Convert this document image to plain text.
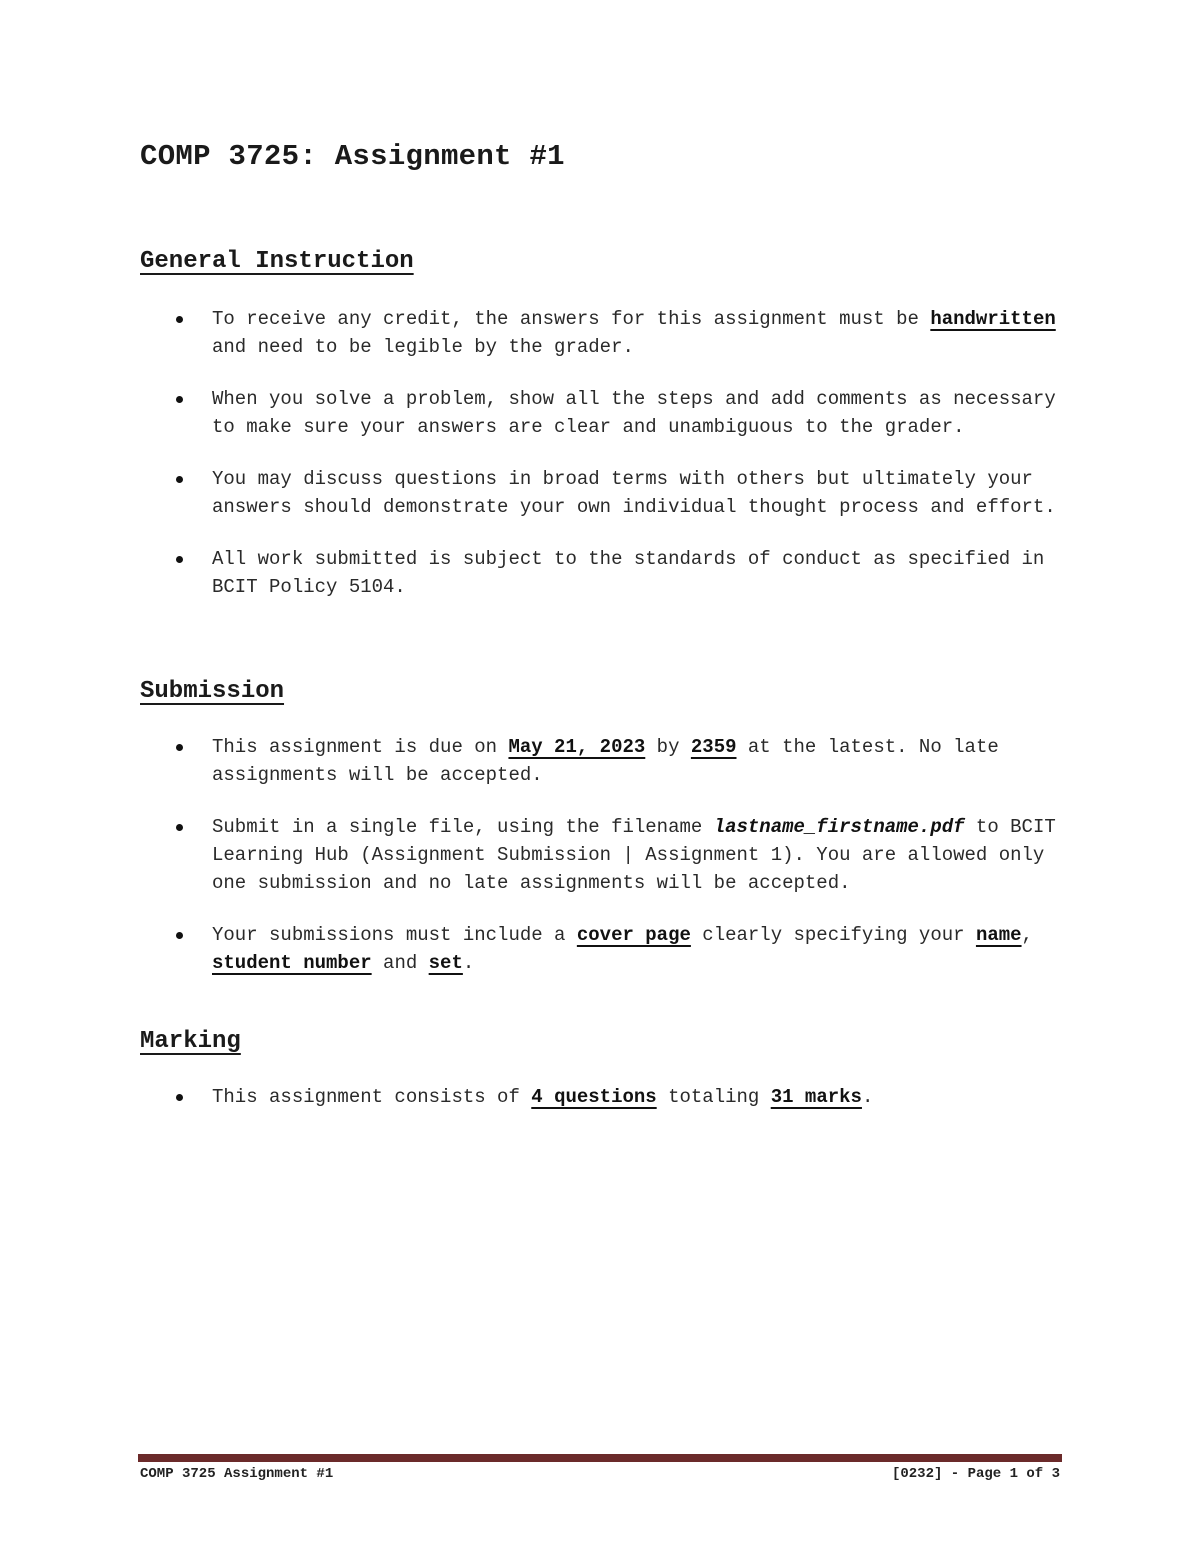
COMP 3725: Assignment #1
General Instruction
To receive any credit, the answers for this assignment must be handwritten and need to be legible by the grader.
When you solve a problem, show all the steps and add comments as necessary to make sure your answers are clear and unambiguous to the grader.
You may discuss questions in broad terms with others but ultimately your answers should demonstrate your own individual thought process and effort.
All work submitted is subject to the standards of conduct as specified in BCIT Policy 5104.
Submission
This assignment is due on May 21, 2023 by 2359 at the latest. No late assignments will be accepted.
Submit in a single file, using the filename lastname_firstname.pdf to BCIT Learning Hub (Assignment Submission | Assignment 1). You are allowed only one submission and no late assignments will be accepted.
Your submissions must include a cover page clearly specifying your name, student number and set.
Marking
This assignment consists of 4 questions totaling 31 marks.
COMP 3725 Assignment #1	[0232] - Page 1 of 3
